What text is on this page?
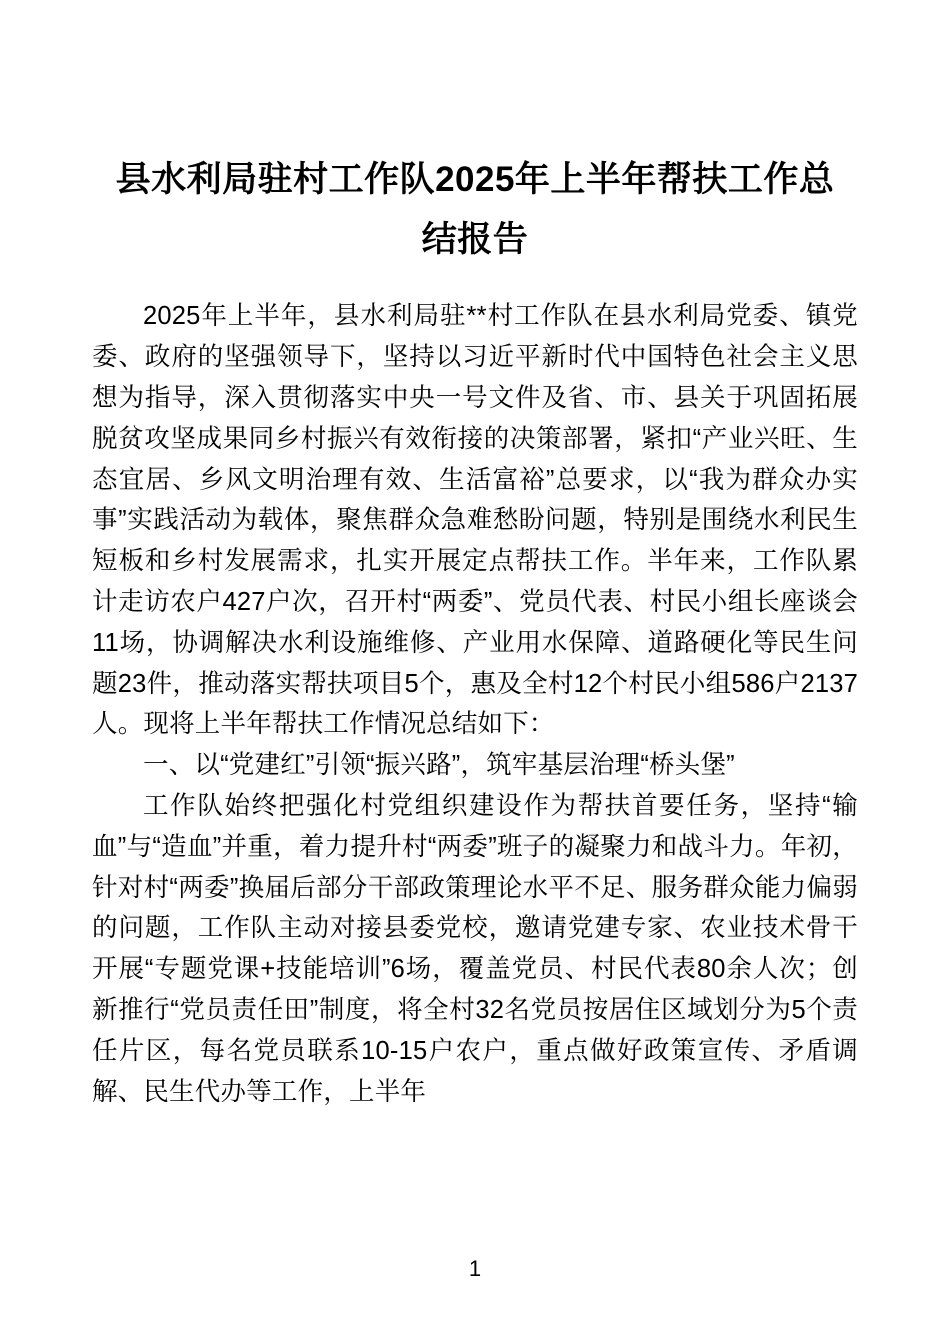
县水利局驻村工作队2025年上半年帮扶工作总结报告

2025年上半年，县水利局驻**村工作队在县水利局党委、镇党委、政府的坚强领导下，坚持以习近平新时代中国特色社会主义思想为指导，深入贯彻落实中央一号文件及省、市、县关于巩固拓展脱贫攻坚成果同乡村振兴有效衔接的决策部署，紧扣“产业兴旺、生态宜居、乡风文明治理有效、生活富裕”总要求，以“我为群众办实事”实践活动为载体，聚焦群众急难愁盼问题，特别是围绕水利民生短板和乡村发展需求，扎实开展定点帮扶工作。半年来，工作队累计走访农户427户次，召开村“两委”、党员代表、村民小组长座谈会11场，协调解决水利设施维修、产业用水保障、道路硬化等民生问题23件，推动落实帮扶项目5个，惠及全村12个村民小组586户2137人。现将上半年帮扶工作情况总结如下：

一、以“党建红”引领“振兴路”，筑牢基层治理“桥头堡”

工作队始终把强化村党组织建设作为帮扶首要任务，坚持“输血”与“造血”并重，着力提升村“两委”班子的凝聚力和战斗力。年初，针对村“两委”换届后部分干部政策理论水平不足、服务群众能力偏弱的问题，工作队主动对接县委党校，邀请党建专家、农业技术骨干开展“专题党课+技能培训”6场，覆盖党员、村民代表80余人次；创新推行“党员责任田”制度，将全村32名党员按居住区域划分为5个责任片区，每名党员联系10-15户农户，重点做好政策宣传、矛盾调解、民生代办等工作，上半年

1
